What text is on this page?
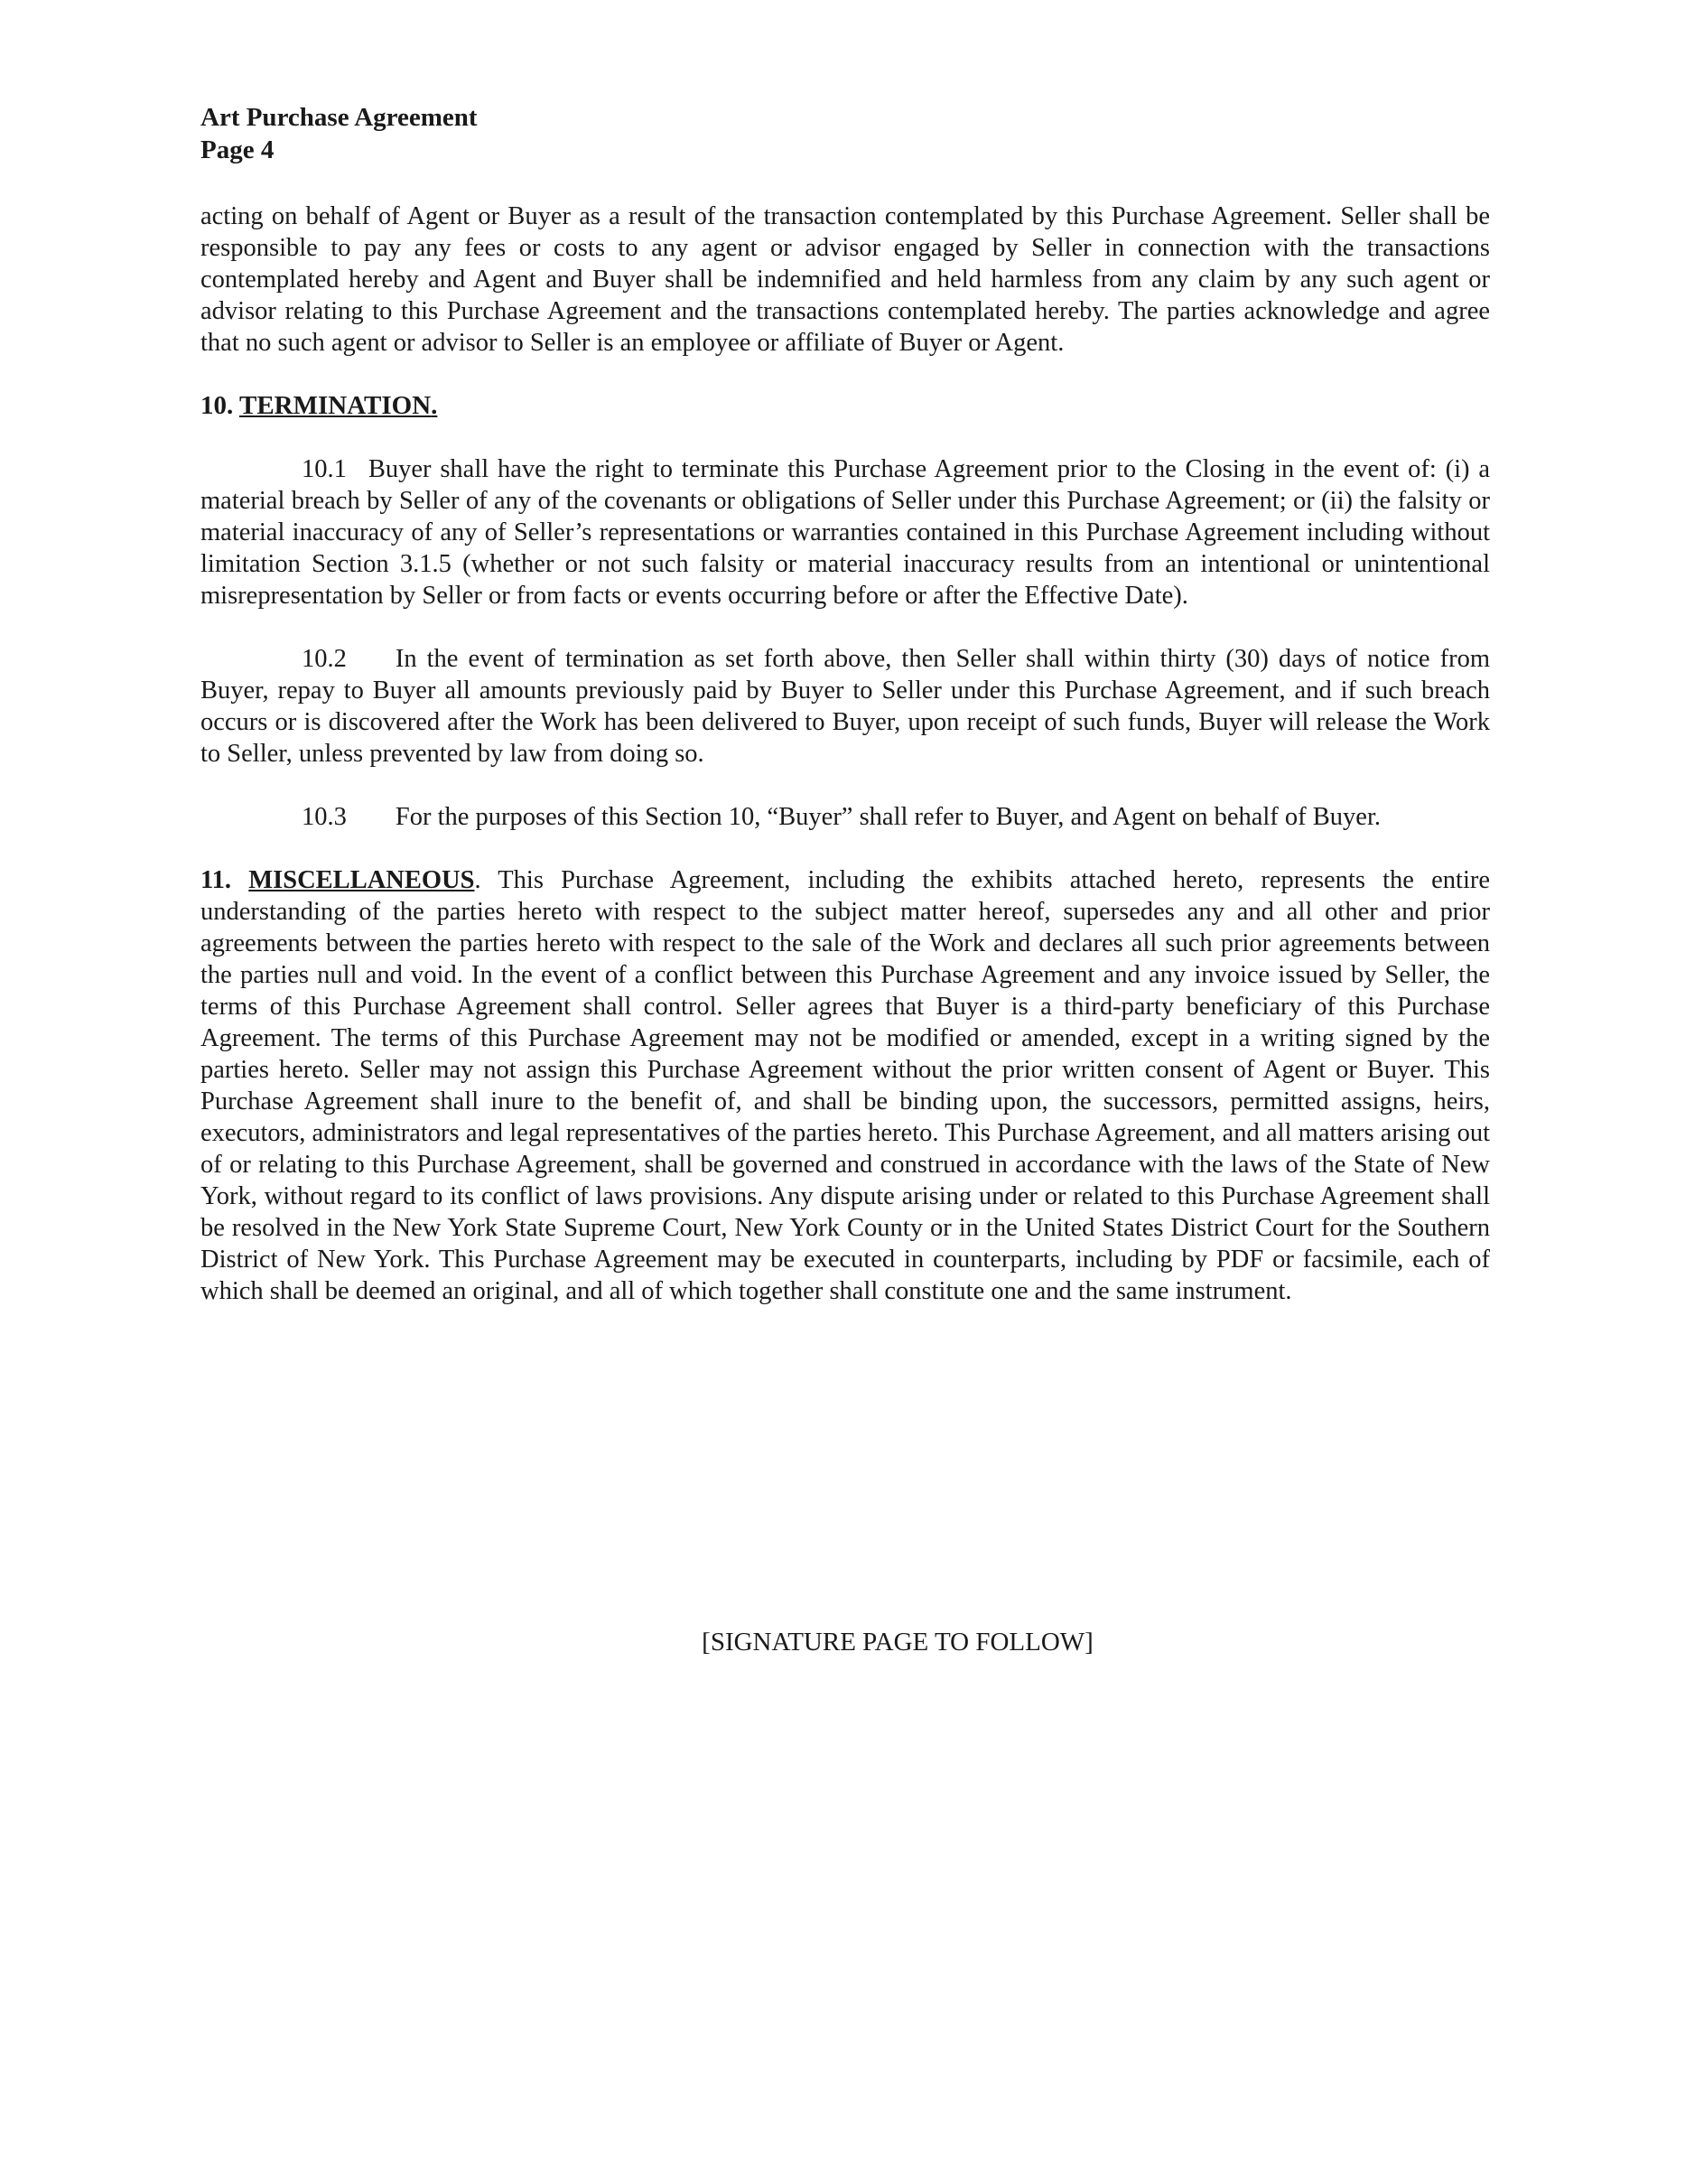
Art Purchase Agreement

Page 4

acting on behalf of Agent or Buyer as a result of the transaction contemplated by this Purchase Agreement. Seller shall be responsible to pay any fees or costs to any agent or advisor engaged by Seller in connection with the transactions contemplated hereby and Agent and Buyer shall be indemnified and held harmless from any claim by any such agent or advisor relating to this Purchase Agreement and the transactions contemplated hereby. The parties acknowledge and agree that no such agent or advisor to Seller is an employee or affiliate of Buyer or Agent.

10. TERMINATION.

10.1 Buyer shall have the right to terminate this Purchase Agreement prior to the Closing in the event of: (i) a material breach by Seller of any of the covenants or obligations of Seller under this Purchase Agreement; or (ii) the falsity or material inaccuracy of any of Seller’s representations or warranties contained in this Purchase Agreement including without limitation Section 3.1.5 (whether or not such falsity or material inaccuracy results from an intentional or unintentional misrepresentation by Seller or from facts or events occurring before or after the Effective Date).

10.2 In the event of termination as set forth above, then Seller shall within thirty (30) days of notice from Buyer, repay to Buyer all amounts previously paid by Buyer to Seller under this Purchase Agreement, and if such breach occurs or is discovered after the Work has been delivered to Buyer, upon receipt of such funds, Buyer will release the Work to Seller, unless prevented by law from doing so.

10.3 For the purposes of this Section 10, “Buyer” shall refer to Buyer, and Agent on behalf of Buyer.

11. MISCELLANEOUS. This Purchase Agreement, including the exhibits attached hereto, represents the entire understanding of the parties hereto with respect to the subject matter hereof, supersedes any and all other and prior agreements between the parties hereto with respect to the sale of the Work and declares all such prior agreements between the parties null and void. In the event of a conflict between this Purchase Agreement and any invoice issued by Seller, the terms of this Purchase Agreement shall control. Seller agrees that Buyer is a third-party beneficiary of this Purchase Agreement. The terms of this Purchase Agreement may not be modified or amended, except in a writing signed by the parties hereto. Seller may not assign this Purchase Agreement without the prior written consent of Agent or Buyer. This Purchase Agreement shall inure to the benefit of, and shall be binding upon, the successors, permitted assigns, heirs, executors, administrators and legal representatives of the parties hereto. This Purchase Agreement, and all matters arising out of or relating to this Purchase Agreement, shall be governed and construed in accordance with the laws of the State of New York, without regard to its conflict of laws provisions. Any dispute arising under or related to this Purchase Agreement shall be resolved in the New York State Supreme Court, New York County or in the United States District Court for the Southern District of New York. This Purchase Agreement may be executed in counterparts, including by PDF or facsimile, each of which shall be deemed an original, and all of which together shall constitute one and the same instrument.

[SIGNATURE PAGE TO FOLLOW]
